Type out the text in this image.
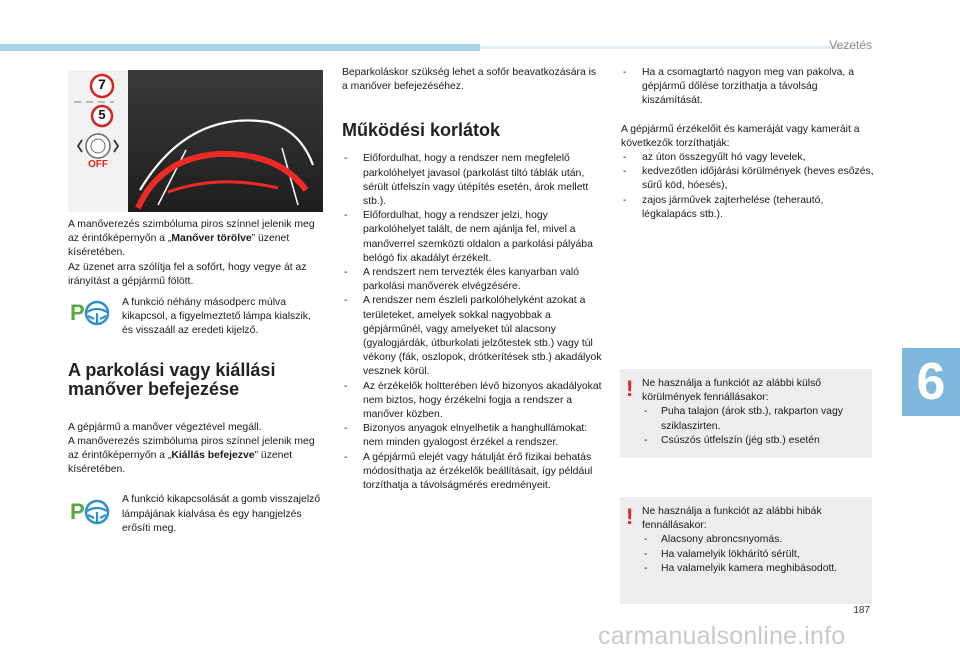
Vezetés
6
187
carmanualsonline.info
7
5
OFF

A manőverezés szimbóluma piros színnel jelenik meg az érintőképernyőn a „Manőver törölve” üzenet kíséretében.

Az üzenet arra szólítja fel a sofőrt, hogy vegye át az irányítást a gépjármű fölött.

P	A funkció néhány másodperc múlva kikapcsol, a figyelmeztető lámpa kialszik, és visszaáll az eredeti kijelző.

A parkolási vagy kiállási manőver befejezése

A gépjármű a manőver végeztével megáll.

A manőverezés szimbóluma piros színnel jelenik meg az érintőképernyőn a „Kiállás befejezve” üzenet kíséretében.

P	A funkció kikapcsolását a gomb visszajelző lámpájának kialvása és egy hangjelzés erősíti meg.

Beparkoláskor szükség lehet a sofőr beavatkozására is a manőver befejezéséhez.

Működési korlátok
- Előfordulhat, hogy a rendszer nem megfelelő parkolóhelyet javasol (parkolást tiltó táblák után, sérült útfelszín vagy útépítés esetén, árok mellett stb.).
- Előfordulhat, hogy a rendszer jelzi, hogy parkolóhelyet talált, de nem ajánlja fel, mivel a manőverrel szemközti oldalon a parkolási pályába belógó fix akadályt érzékelt.
- A rendszert nem tervezték éles kanyarban való parkolási manőverek elvégzésére.
- A rendszer nem észleli parkolóhelyként azokat a területeket, amelyek sokkal nagyobbak a gépjárműnél, vagy amelyeket túl alacsony (gyalogjárdák, útburkolati jelzőtestek stb.) vagy túl vékony (fák, oszlopok, drótkerítések stb.) akadályok vesznek körül.
- Az érzékelők holtterében lévő bizonyos akadályokat nem biztos, hogy érzékelni fogja a rendszer a manőver közben.
- Bizonyos anyagok elnyelhetik a hanghullámokat: nem minden gyalogost érzékel a rendszer.
- A gépjármű elejét vagy hátulját érő fizikai behatás módosíthatja az érzékelők beállításait, így például torzíthatja a távolságmérés eredményeit.
- Ha a csomagtartó nagyon meg van pakolva, a gépjármű dőlése torzíthatja a távolság kiszámítását.

A gépjármű érzékelőit és kameráját vagy kameráit a következők torzíthatják:

- az úton összegyűlt hó vagy levelek,
- kedvezőtlen időjárási körülmények (heves esőzés, sűrű köd, hóesés),
- zajos járművek zajterhelése (teherautó, légkalapács stb.).
! Ne használja a funkciót az alábbi külső körülmények fennállásakor:

- Puha talajon (árok stb.), rakparton vagy sziklaszirten.
- Csúszós útfelszín (jég stb.) esetén
! Ne használja a funkciót az alábbi hibák fennállásakor:

- Alacsony abroncsnyomás.
- Ha valamelyik lökhárító sérült,
- Ha valamelyik kamera meghibásodott.
